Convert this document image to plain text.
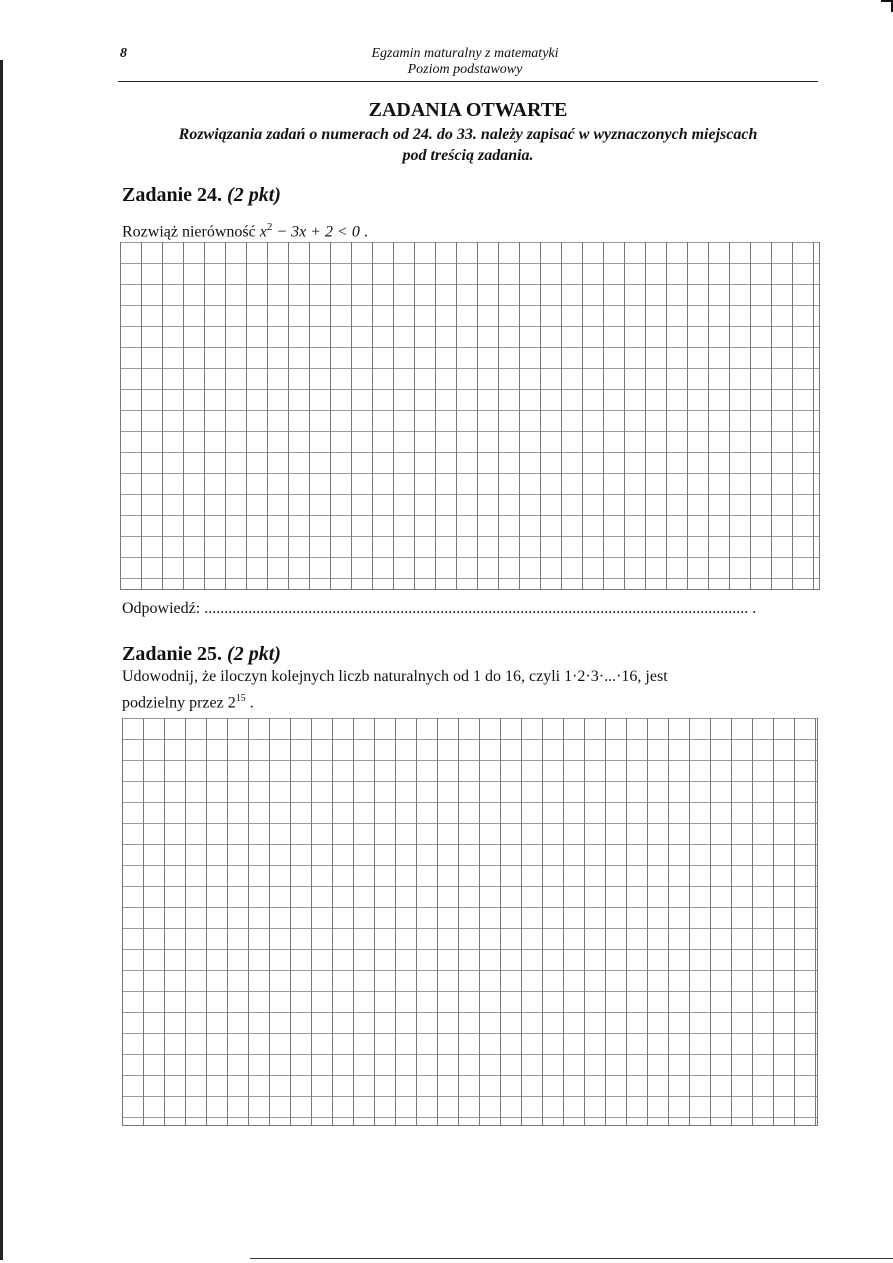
8	Egzamin maturalny z matematyki
Poziom podstawowy
ZADANIA OTWARTE
Rozwiązania zadań o numerach od 24. do 33. należy zapisać w wyznaczonych miejscach
pod treścią zadania.
Zadanie 24. (2 pkt)
Rozwiąż nierówność $x^2 - 3x + 2 < 0$ .
Odpowiedź: ........................................................................................................................................ .
Zadanie 25. (2 pkt)
Udowodnij, że iloczyn kolejnych liczb naturalnych od 1 do 16, czyli 1·2·3·...·16, jest
podzielny przez $2^{15}$ .
